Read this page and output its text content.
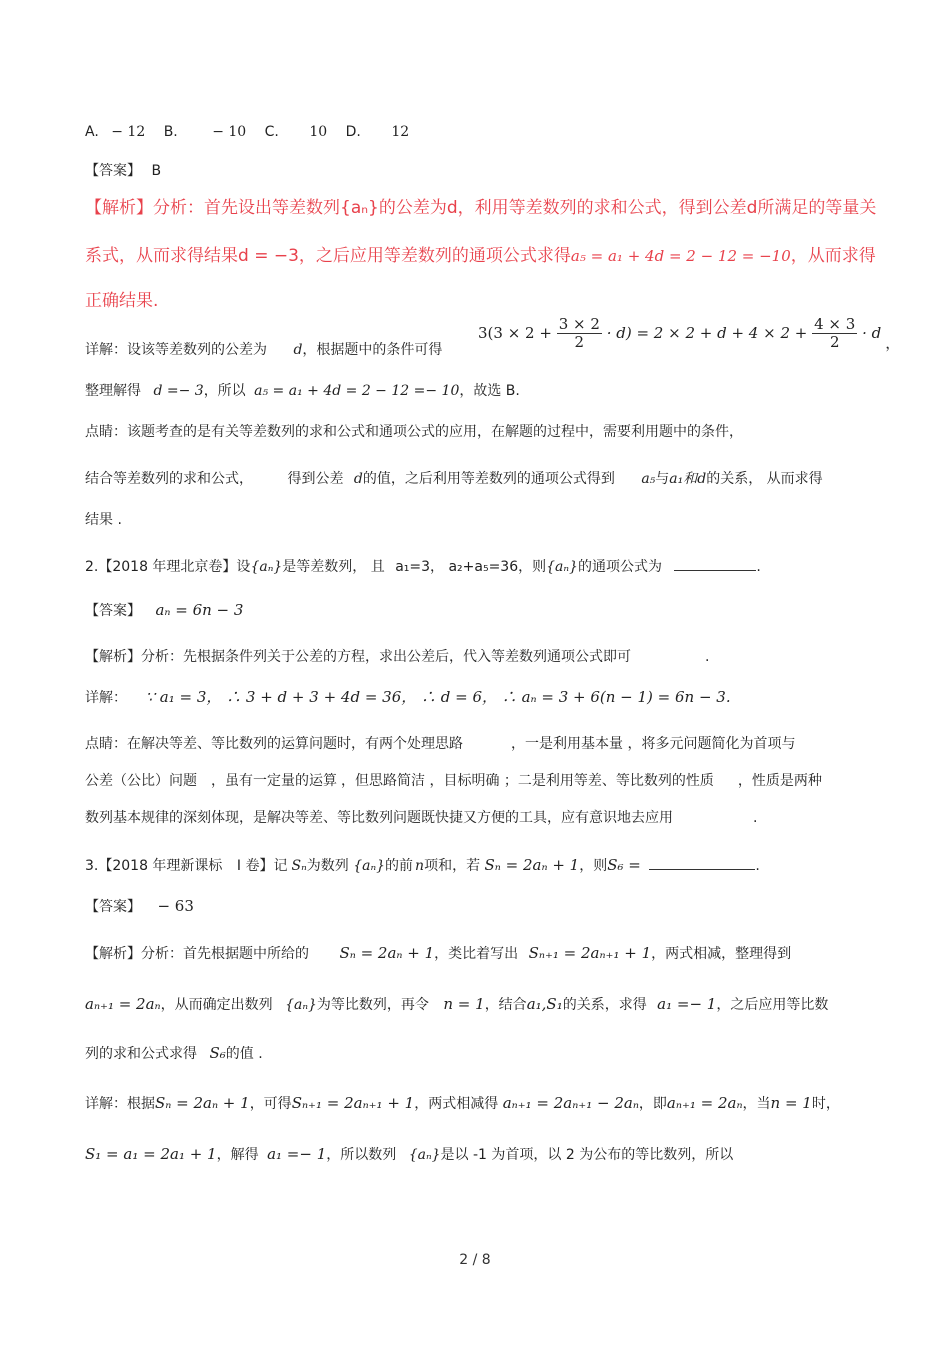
A. − 12 B. − 10 C. 10 D. 12
【答案】 B
【解析】分析：首先设出等差数列{aₙ}的公差为d，利用等差数列的求和公式，得到公差d所满足的等量关
系式，从而求得结果d = −3，之后应用等差数列的通项公式求得a₅ = a₁ + 4d = 2 − 12 = −10，从而求得
正确结果.
详解：设该等差数列的公差为 d，根据题中的条件可得
$3(3 \times 2 + \frac{3 \times 2}{2} \cdot d) = 2 \times 2 + d + 4 \times 2 + \frac{4 \times 3}{2} \cdot d$，
整理解得 d =− 3，所以 a₅ = a₁ + 4d = 2 − 12 =− 10，故选 B.
点睛：该题考查的是有关等差数列的求和公式和通项公式的应用，在解题的过程中，需要利用题中的条件，
结合等差数列的求和公式， 得到公差 d的值，之后利用等差数列的通项公式得到 a₅与a₁和d的关系， 从而求得
结果 .
2.【2018 年理北京卷】设{aₙ}是等差数列， 且 a₁=3， a₂+a₅=36，则{aₙ}的通项公式为	.
【答案】 aₙ = 6n − 3
【解析】分析：先根据条件列关于公差的方程，求出公差后，代入等差数列通项公式即可	.
详解： ∵ a₁ = 3， ∴ 3 + d + 3 + 4d = 36， ∴ d = 6， ∴ aₙ = 3 + 6(n − 1) = 6n − 3.
点睛：在解决等差、等比数列的运算问题时，有两个处理思路	，一是利用基本量 ，将多元问题简化为首项与
公差（公比）问题 ，虽有一定量的运算 ，但思路简洁 ，目标明确 ；二是利用等差、等比数列的性质 ，性质是两种
数列基本规律的深刻体现，是解决等差、等比数列问题既快捷又方便的工具，应有意识地去应用	.
3.【2018 年理新课标 I 卷】记 Sₙ为数列 {aₙ}的前 n项和，若 Sₙ = 2aₙ + 1，则S₆ =	.
【答案】 − 63
【解析】分析：首先根据题中所给的 Sₙ = 2aₙ + 1，类比着写出 Sₙ₊₁ = 2aₙ₊₁ + 1，两式相减，整理得到
aₙ₊₁ = 2aₙ，从而确定出数列 {aₙ}为等比数列，再令 n = 1，结合a₁,S₁的关系，求得 a₁ =− 1，之后应用等比数
列的求和公式求得 S₆的值 .
详解：根据Sₙ = 2aₙ + 1，可得Sₙ₊₁ = 2aₙ₊₁ + 1，两式相减得 aₙ₊₁ = 2aₙ₊₁ − 2aₙ，即aₙ₊₁ = 2aₙ，当n = 1时，
S₁ = a₁ = 2a₁ + 1，解得 a₁ =− 1，所以数列 {aₙ}是以 -1 为首项，以 2 为公布的等比数列，所以
2 / 8
